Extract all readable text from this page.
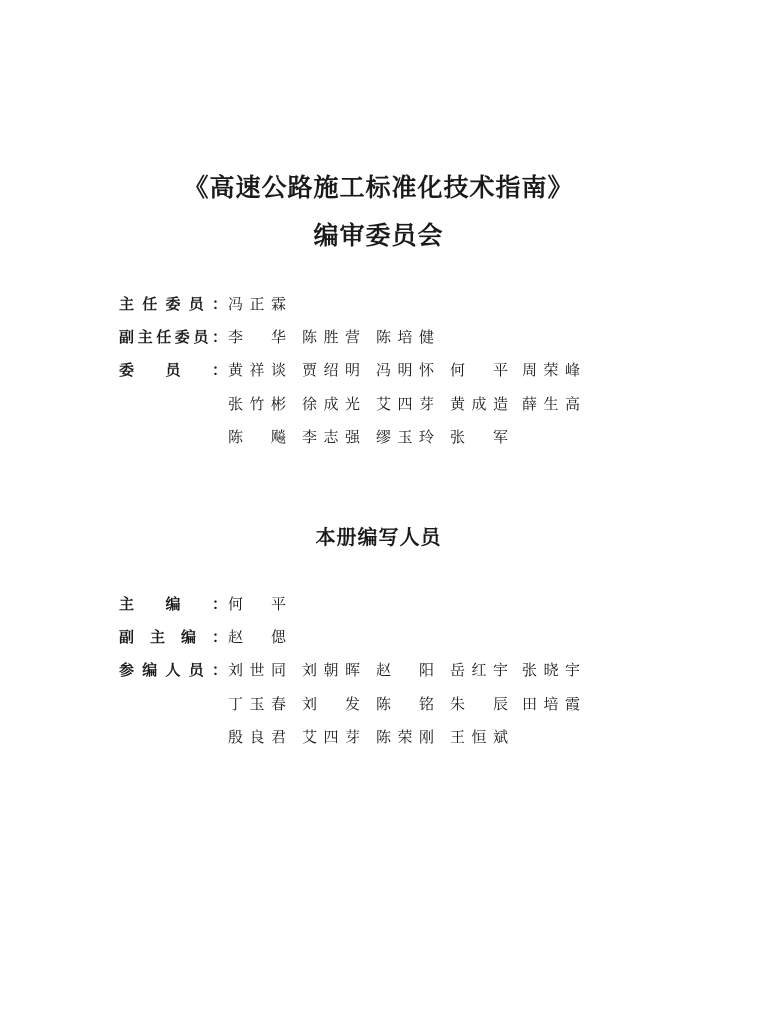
《高速公路施工标准化技术指南》
编审委员会
主 任 委 员 ： 冯 正 霖
副 主 任 委 员 ： 李 华 陈 胜 营 陈 培 健
委 员 ： 黄 祥 谈 贾 绍 明 冯 明 怀 何 平 周 荣 峰
张 竹 彬 徐 成 光 艾 四 芽 黄 成 造 薛 生 高
陈 飚 李 志 强 缪 玉 玲 张 军
本册编写人员
主 编 ： 何 平
副 主 编 ： 赵 偲
参 编 人 员 ： 刘 世 同 刘 朝 晖 赵 阳 岳 红 宇 张 晓 宇
丁 玉 春 刘 发 陈 铭 朱 辰 田 培 霞
殷 良 君 艾 四 芽 陈 荣 刚 王 恒 斌
